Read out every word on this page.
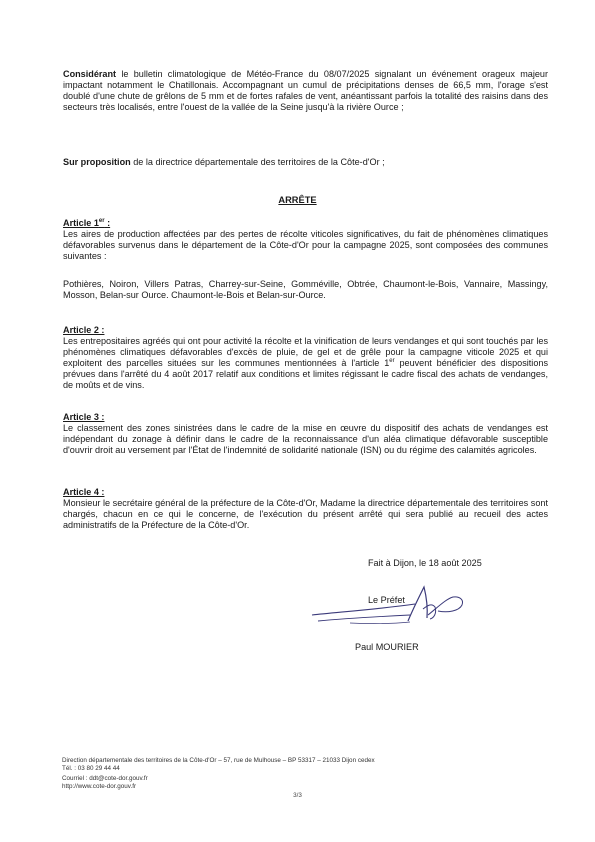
Considérant le bulletin climatologique de Météo-France du 08/07/2025 signalant un événement orageux majeur impactant notamment le Chatillonais. Accompagnant un cumul de précipitations denses de 66,5 mm, l'orage s'est doublé d'une chute de grêlons de 5 mm et de fortes rafales de vent, anéantissant parfois la totalité des raisins dans des secteurs très localisés, entre l'ouest de la vallée de la Seine jusqu'à la rivière Ource ;

Sur proposition de la directrice départementale des territoires de la Côte-d'Or ;

ARRÊTE

Article 1er :

Les aires de production affectées par des pertes de récolte viticoles significatives, du fait de phénomènes climatiques défavorables survenus dans le département de la Côte-d'Or pour la campagne 2025, sont composées des communes suivantes :

Pothières, Noiron, Villers Patras, Charrey-sur-Seine, Gomméville, Obtrée, Chaumont-le-Bois, Vannaire, Massingy, Mosson, Belan-sur Ource. Chaumont-le-Bois et Belan-sur-Ource.

Article 2 :

Les entrepositaires agréés qui ont pour activité la récolte et la vinification de leurs vendanges et qui sont touchés par les phénomènes climatiques défavorables d'excès de pluie, de gel et de grêle pour la campagne viticole 2025 et qui exploitent des parcelles situées sur les communes mentionnées à l'article 1er peuvent bénéficier des dispositions prévues dans l'arrêté du 4 août 2017 relatif aux conditions et limites régissant le cadre fiscal des achats de vendanges, de moûts et de vins.

Article 3 :

Le classement des zones sinistrées dans le cadre de la mise en œuvre du dispositif des achats de vendanges est indépendant du zonage à définir dans le cadre de la reconnaissance d'un aléa climatique défavorable susceptible d'ouvrir droit au versement par l'État de l'indemnité de solidarité nationale (ISN) ou du régime des calamités agricoles.

Article 4 :

Monsieur le secrétaire général de la préfecture de la Côte-d'Or, Madame la directrice départementale des territoires sont chargés, chacun en ce qui le concerne, de l'exécution du présent arrêté qui sera publié au recueil des actes administratifs de la Préfecture de la Côte-d'Or.

Fait à Dijon, le 18 août 2025
Le Préfet
Paul MOURIER
Direction départementale des territoires de la Côte-d'Or – 57, rue de Mulhouse – BP 53317 – 21033 Dijon cedex
Tél. : 03 80 29 44 44
Courriel : ddt@cote-dor.gouv.fr
http://www.cote-dor.gouv.fr
3/3
